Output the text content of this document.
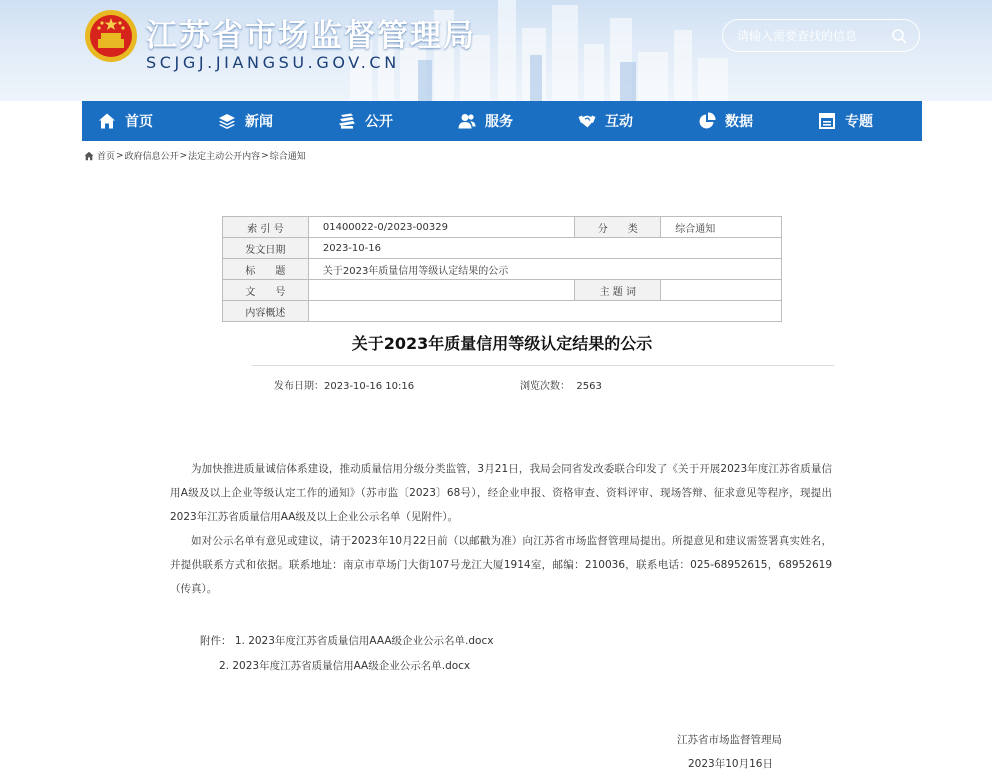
江苏省市场监督管理局
SCJGJ.JIANGSU.GOV.CN
请输入需要查找的信息
首页	新闻	公开	服务	互动	数据	专题
首页 > 政府信息公开 > 法定主动公开内容 > 综合通知
索 引 号	01400022-0/2023-00329	分　　类	综合通知
发文日期	2023-10-16		
标　　题	关于2023年质量信用等级认定结果的公示		
文　　号		主 题 词	
内容概述			
关于2023年质量信用等级认定结果的公示
发布日期：2023-10-16 10:16	浏览次数： 2563

为加快推进质量诚信体系建设，推动质量信用分级分类监管，3月21日，我局会同省发改委联合印发了《关于开展2023年度江苏省质量信用A级及以上企业等级认定工作的通知》（苏市监〔2023〕68号），经企业申报、资格审查、资料评审、现场答辩、征求意见等程序，现提出2023年江苏省质量信用AA级及以上企业公示名单（见附件）。

如对公示名单有意见或建议，请于2023年10月22日前（以邮戳为准）向江苏省市场监督管理局提出。所提意见和建议需签署真实姓名，并提供联系方式和依据。联系地址：南京市草场门大街107号龙江大厦1914室，邮编：210036，联系电话：025-68952615，68952619（传真）。

附件： 1. 2023年度江苏省质量信用AAA级企业公示名单.docx
2. 2023年度江苏省质量信用AA级企业公示名单.docx
江苏省市场监督管理局
2023年10月16日
